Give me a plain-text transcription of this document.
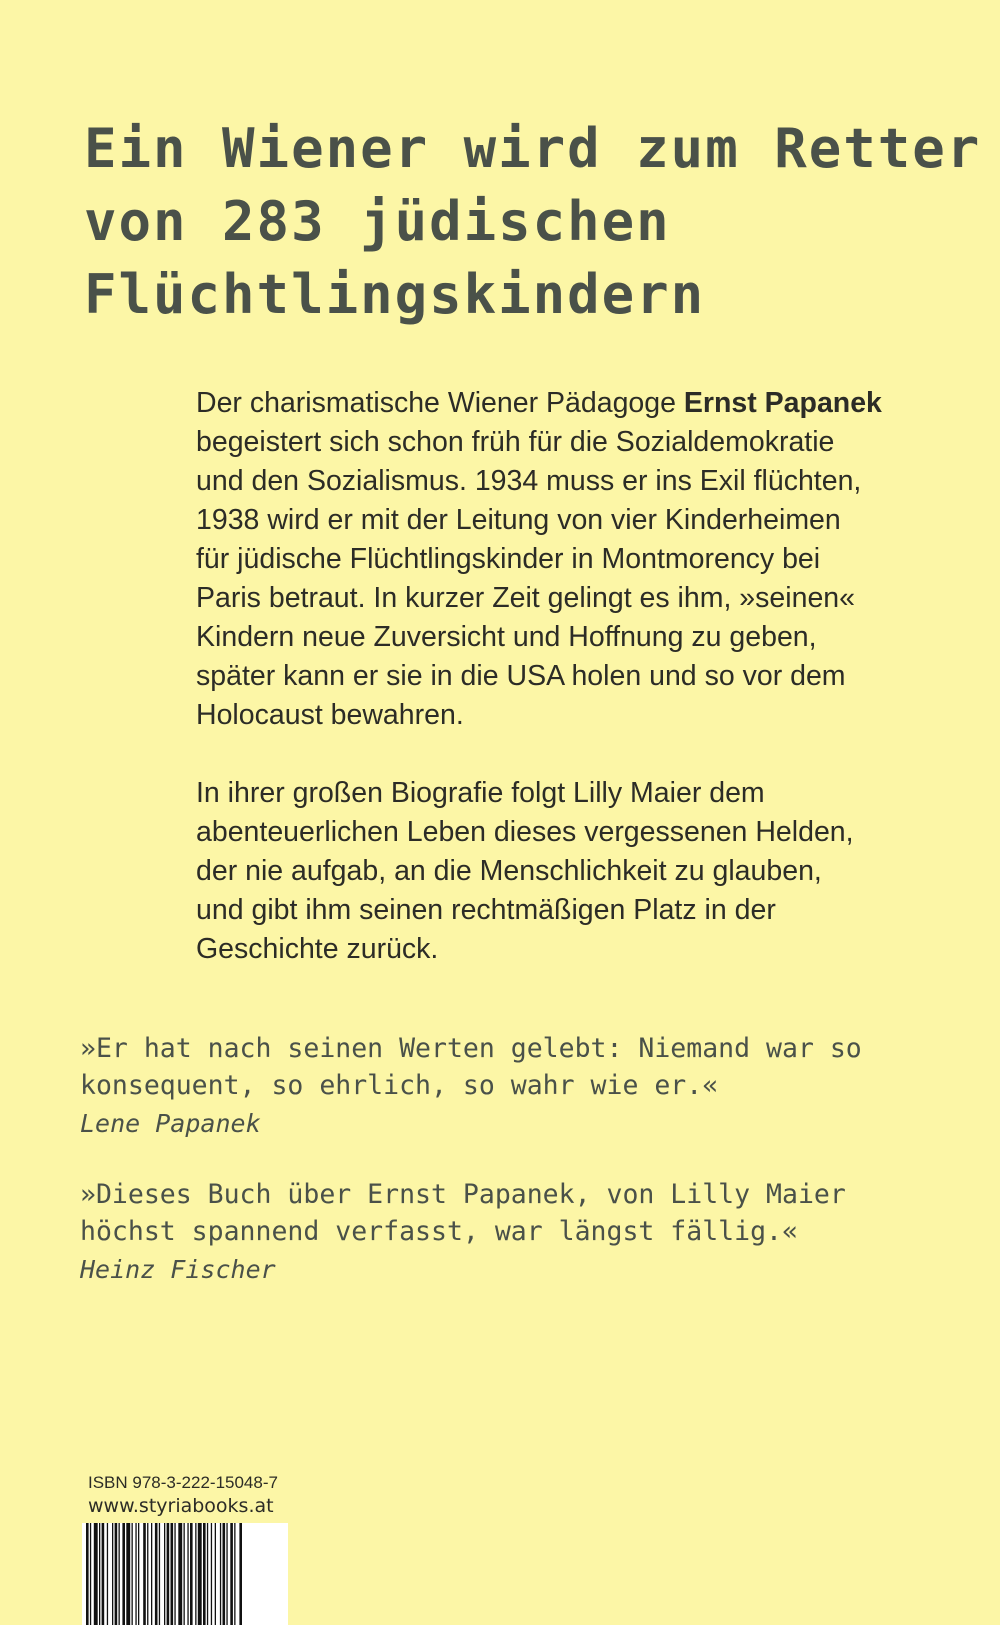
Ein Wiener wird zum Retter
von 283 jüdischen
Flüchtlingskindern

Der charismatische Wiener Pädagoge Ernst Papanek
begeistert sich schon früh für die Sozialdemokratie
und den Sozialismus. 1934 muss er ins Exil flüchten,
1938 wird er mit der Leitung von vier Kinderheimen
für jüdische Flüchtlingskinder in Montmorency bei
Paris betraut. In kurzer Zeit gelingt es ihm, »seinen«
Kindern neue Zuversicht und Hoffnung zu geben,
später kann er sie in die USA holen und so vor dem
Holocaust bewahren.

In ihrer großen Biografie folgt Lilly Maier dem
abenteuerlichen Leben dieses vergessenen Helden,
der nie aufgab, an die Menschlichkeit zu glauben,
und gibt ihm seinen rechtmäßigen Platz in der
Geschichte zurück.

»Er hat nach seinen Werten gelebt: Niemand war so
konsequent, so ehrlich, so wahr wie er.«
Lene Papanek
»Dieses Buch über Ernst Papanek, von Lilly Maier
höchst spannend verfasst, war längst fällig.«
Heinz Fischer
ISBN 978-3-222-15048-7
www.styriabooks.at
